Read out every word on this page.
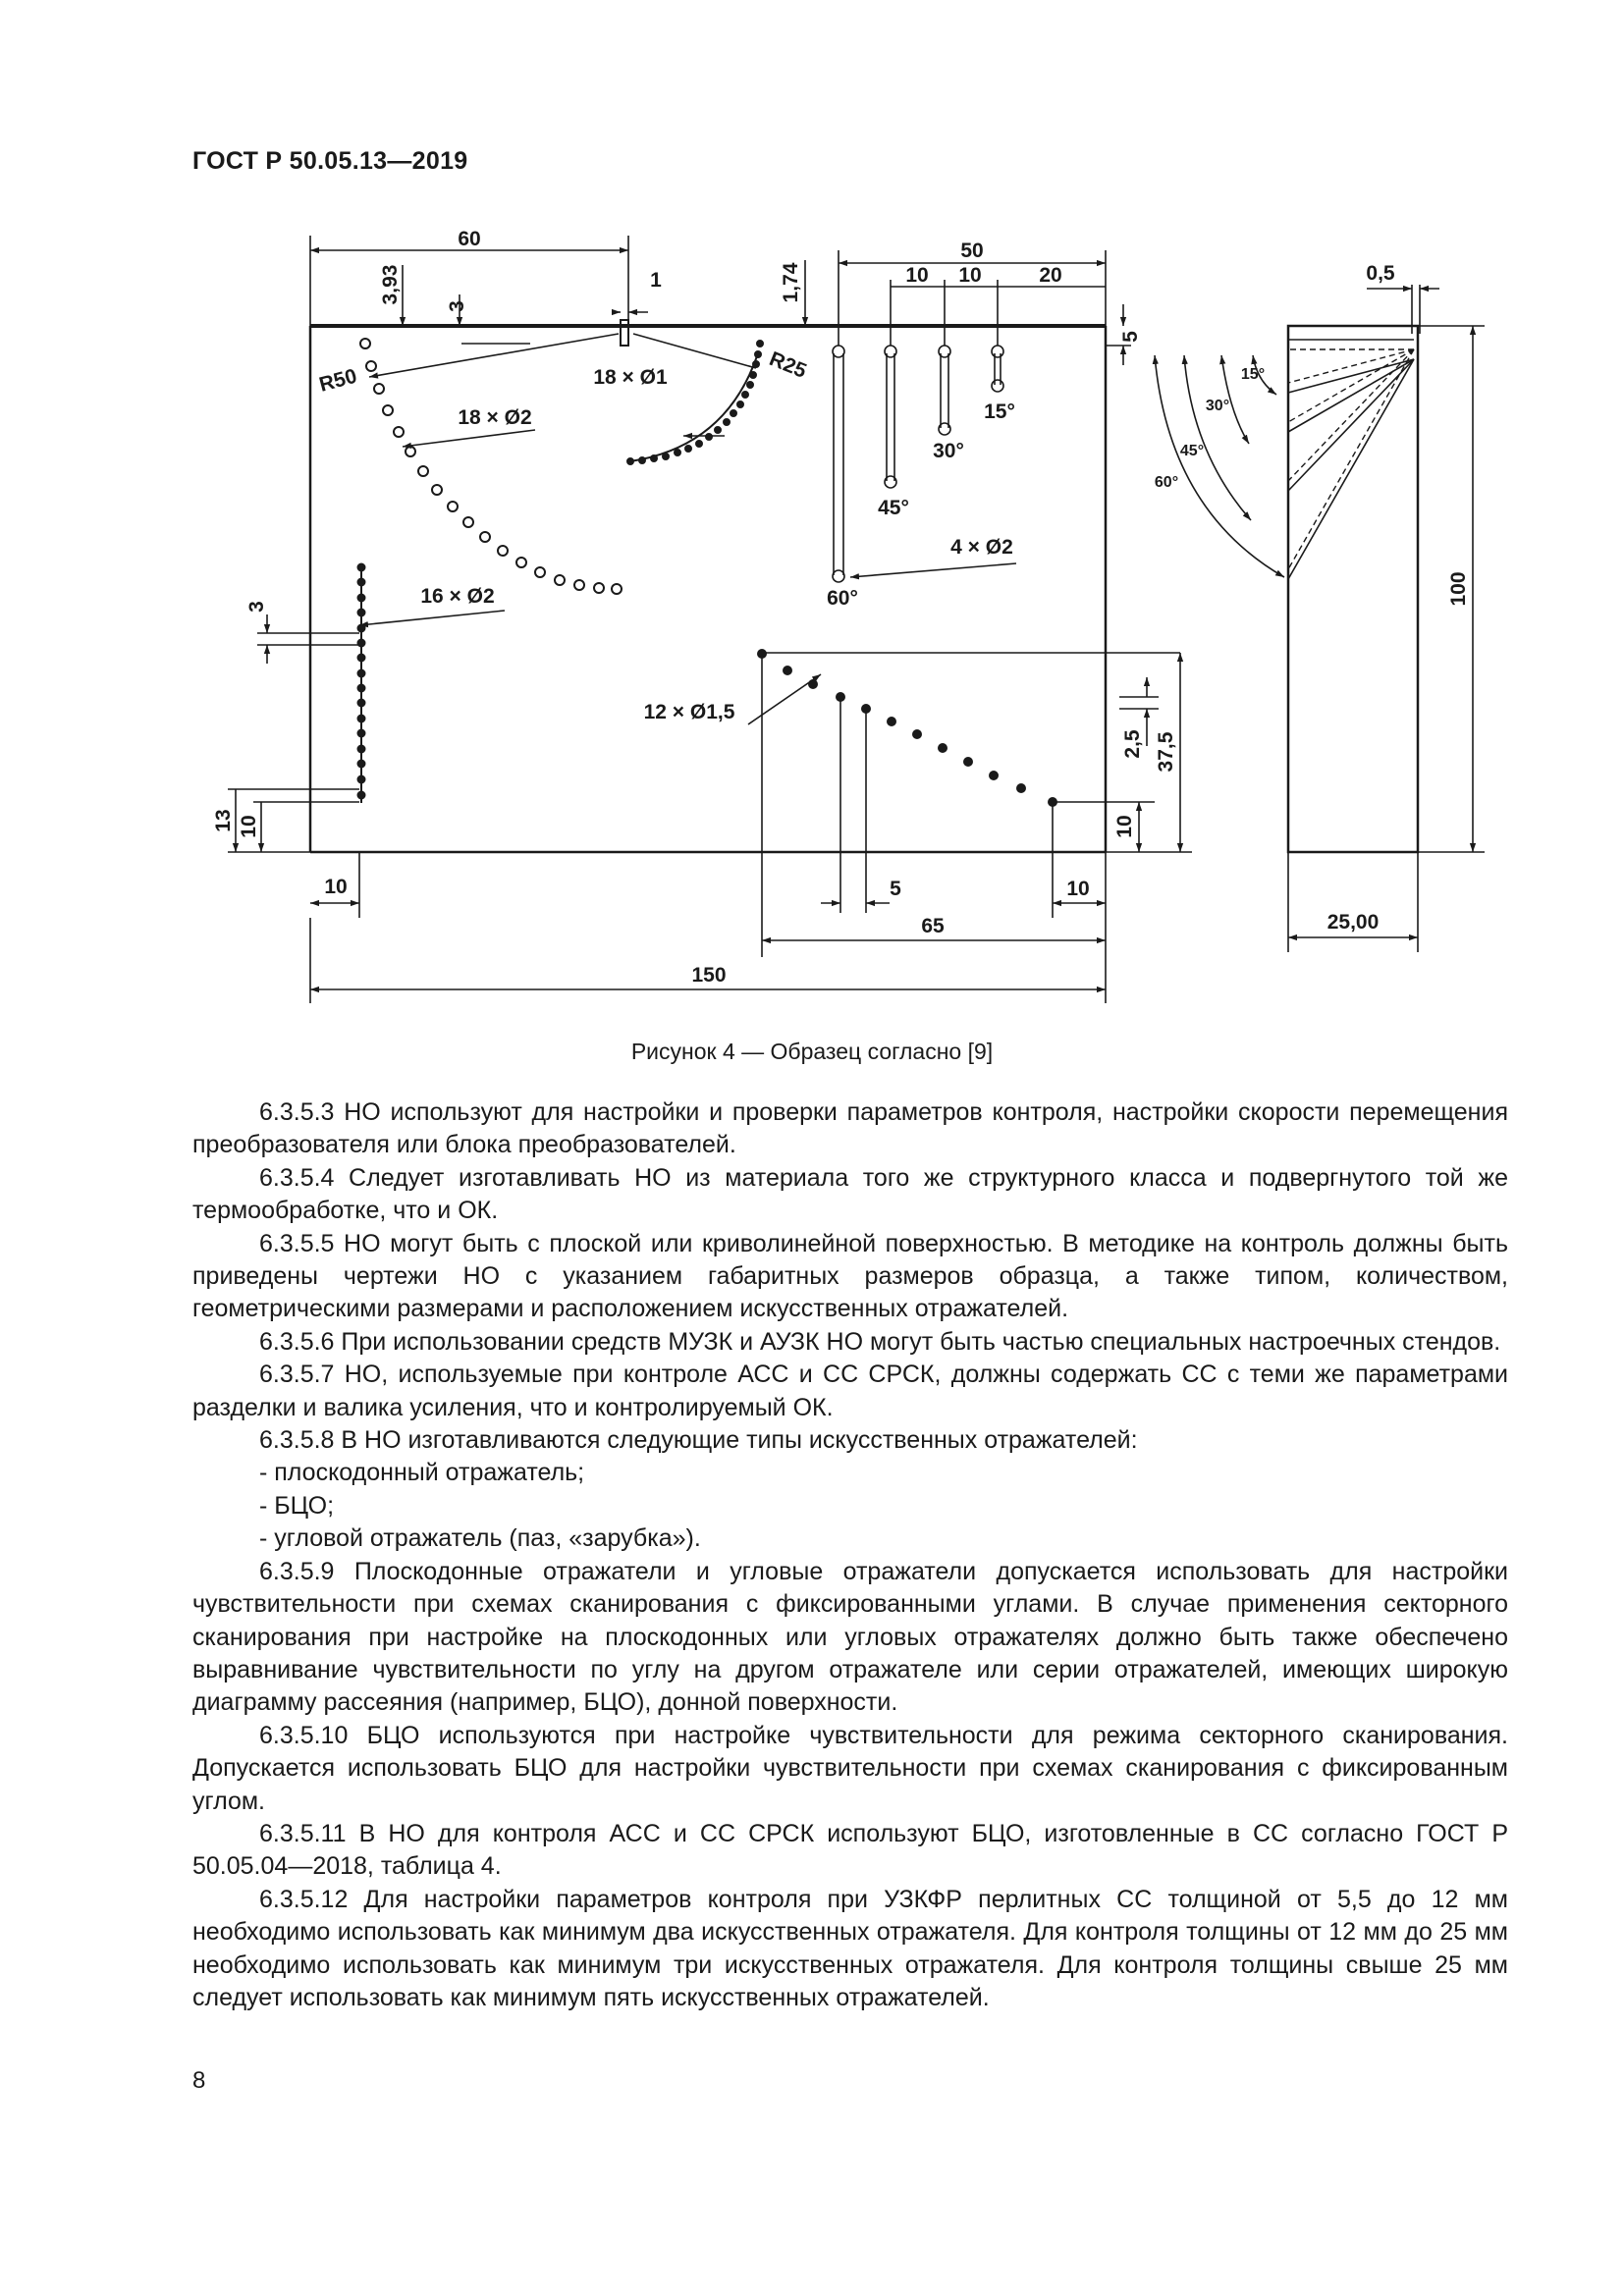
ГОСТ Р 50.05.13—2019
60
50
10 10	20
3,93
3
1	1,74
5
R50	R25
18 × Ø1
18 × Ø2
16 × Ø2
4 × Ø2
12 × Ø1,5
15°
30°
45°
60°
3
13 10
10	5	10
65
150
2,5 37,5
10
0,5
100
25,00
15°
30°
45°
60°
Рисунок 4 — Образец согласно [9]

6.3.5.3 НО используют для настройки и проверки параметров контроля, настройки скорости перемещения преобразователя или блока преобразователей.

6.3.5.4 Следует изготавливать НО из материала того же структурного класса и подвергнутого той же термообработке, что и ОК.

6.3.5.5 НО могут быть с плоской или криволинейной поверхностью. В методике на контроль должны быть приведены чертежи НО с указанием габаритных размеров образца, а также типом, количеством, геометрическими размерами и расположением искусственных отражателей.

6.3.5.6 При использовании средств МУЗК и АУЗК НО могут быть частью специальных настроечных стендов.

6.3.5.7 НО, используемые при контроле АСС и СС СРСК, должны содержать СС с теми же параметрами разделки и валика усиления, что и контролируемый ОК.

6.3.5.8 В НО изготавливаются следующие типы искусственных отражателей:

- плоскодонный отражатель;

- БЦО;

- угловой отражатель (паз, «зарубка»).

6.3.5.9 Плоскодонные отражатели и угловые отражатели допускается использовать для настройки чувствительности при схемах сканирования с фиксированными углами. В случае применения секторного сканирования при настройке на плоскодонных или угловых отражателях должно быть также обеспечено выравнивание чувствительности по углу на другом отражателе или серии отражателей, имеющих широкую диаграмму рассеяния (например, БЦО), донной поверхности.

6.3.5.10 БЦО используются при настройке чувствительности для режима секторного сканирования. Допускается использовать БЦО для настройки чувствительности при схемах сканирования с фиксированным углом.

6.3.5.11 В НО для контроля АСС и СС СРСК используют БЦО, изготовленные в СС согласно ГОСТ Р 50.05.04—2018, таблица 4.

6.3.5.12 Для настройки параметров контроля при УЗКФР перлитных СС толщиной от 5,5 до 12 мм необходимо использовать как минимум два искусственных отражателя. Для контроля толщины от 12 мм до 25 мм необходимо использовать как минимум три искусственных отражателя. Для контроля толщины свыше 25 мм следует использовать как минимум пять искусственных отражателей.

8
